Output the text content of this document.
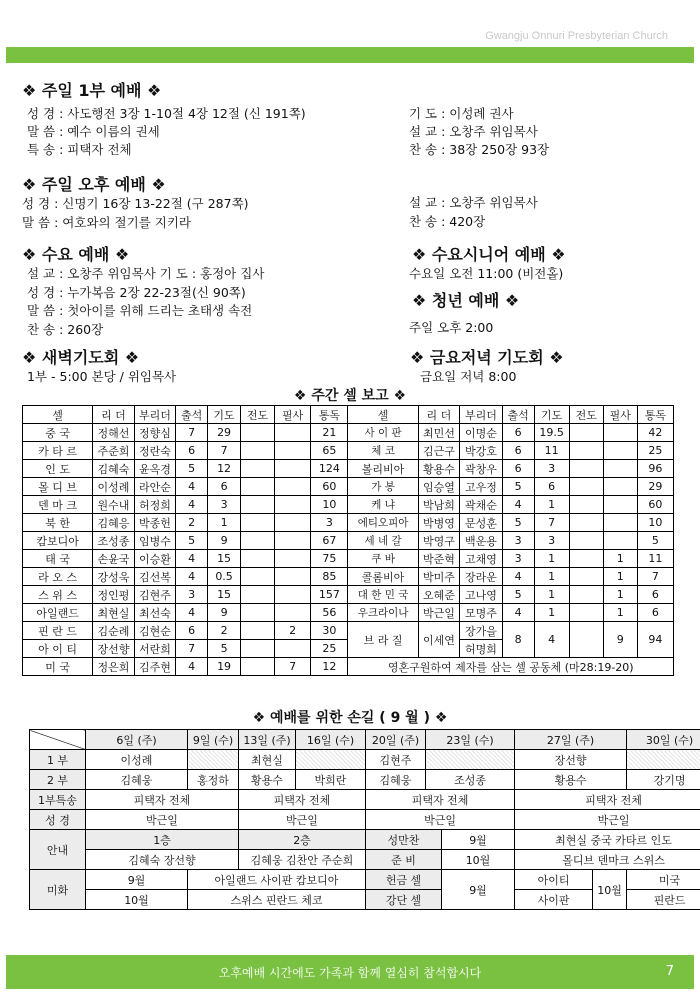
Gwangju Onnuri Presbyterian Church
❖ 주일 1부 예배 ❖
성 경 : 사도행전 3장 1-10절 4장 12절 (신 191쪽)
말 씀 : 예수 이름의 권세
특 송 : 피택자 전체
기 도 : 이성례 권사
설 교 : 오창주 위임목사
찬 송 : 38장 250장 93장
❖ 주일 오후 예배 ❖
성 경 : 신명기 16장 13-22절 (구 287쪽)
말 씀 : 여호와의 절기를 지키라
설 교 : 오창주 위임목사
찬 송 : 420장
❖ 수요 예배 ❖
설 교 : 오창주 위임목사 기 도 : 홍정아 집사
성 경 : 누가복음 2장 22-23절(신 90쪽)
말 씀 : 첫아이를 위해 드리는 초태생 속전
찬 송 : 260장
❖ 수요시니어 예배 ❖
수요일 오전 11:00 (비전홀)
❖ 청년 예배 ❖
주일 오후 2:00
❖ 새벽기도회 ❖
1부 - 5:00 본당 / 위임목사
❖ 금요저녁 기도회 ❖
금요일 저녁 8:00
❖ 주간 셀 보고 ❖
셀	리 더	부리더	출석	기도	전도	필사	통독	셀	리 더	부리더	출석	기도	전도	필사	통독
중 국	정해선	정향심	7	29			21	사 이 판	최민선	이명순	6	19.5			42
카 타 르	주준희	정란숙	6	7			65	체 코	김근구	박강호	6	11			25
인 도	김혜숙	윤옥경	5	12			124	볼리비아	황용수	곽창우	6	3			96
몰 디 브	이성례	라안순	4	6			60	가 봉	임승열	고우정	5	6			29
덴 마 크	원수내	허정희	4	3			10	케 냐	박남희	곽채순	4	1			60
북 한	김혜응	박종헌	2	1			3	에티오피아	박병영	문성훈	5	7			10
캄보디아	조성종	임병수	5	9			67	세 네 갈	박영구	백운용	3	3			5
태 국	손윤국	이승환	4	15			75	쿠 바	박준혁	고채영	3	1		1	11
라 오 스	강성욱	김선복	4	0.5			85	콜롬비아	박미주	장라운	4	1		1	7
스 위 스	정인평	김현주	3	15			157	대 한 민 국	오혜준	고나영	5	1		1	6
아일랜드	최현실	최선숙	4	9			56	우크라이나	박근일	모명주	4	1		1	6
핀 란 드	김순례	김현순	6	2		2	30	브 라 질	이세연	장가을	8	4		9	94
아 이 티	장선향	서란희	7	5			25			허명희					
미 국	정은희	김주현	4	19		7	12	영혼구원하여 제자를 삼는 셀 공동체 (마28:19-20)							
❖ 예배를 위한 손길 ( 9 월 ) ❖
	6일 (주)	9일 (수)	13일 (주)	16일 (수)	20일 (주)	23일 (수)		27일 (주)		30일 (수)
1 부	이성례		최현실		김현주			장선향		
2 부	김혜웅	홍정하	황용수	박희란	김혜웅	조성종		황용수		강기명
1부특송	피택자 전체		피택자 전체		피택자 전체			피택자 전체		
성 경	박근일		박근일		박근일			박근일		
안내	1층		2층		성만찬		9월	최현실 중국 카타르 인도		
	김혜숙 장선향		김혜웅 김찬안 주순희		준 비		10월	몰디브 덴마크 스위스		
미화	9월	아일랜드 사이판 캄보디아			헌금 셀		9월	아이티	10월	미국
	10월	스위스 핀란드 체코			강단 셀			사이판		핀란드
오후예배 시간에도 가족과 함께 열심히 참석합시다	7
